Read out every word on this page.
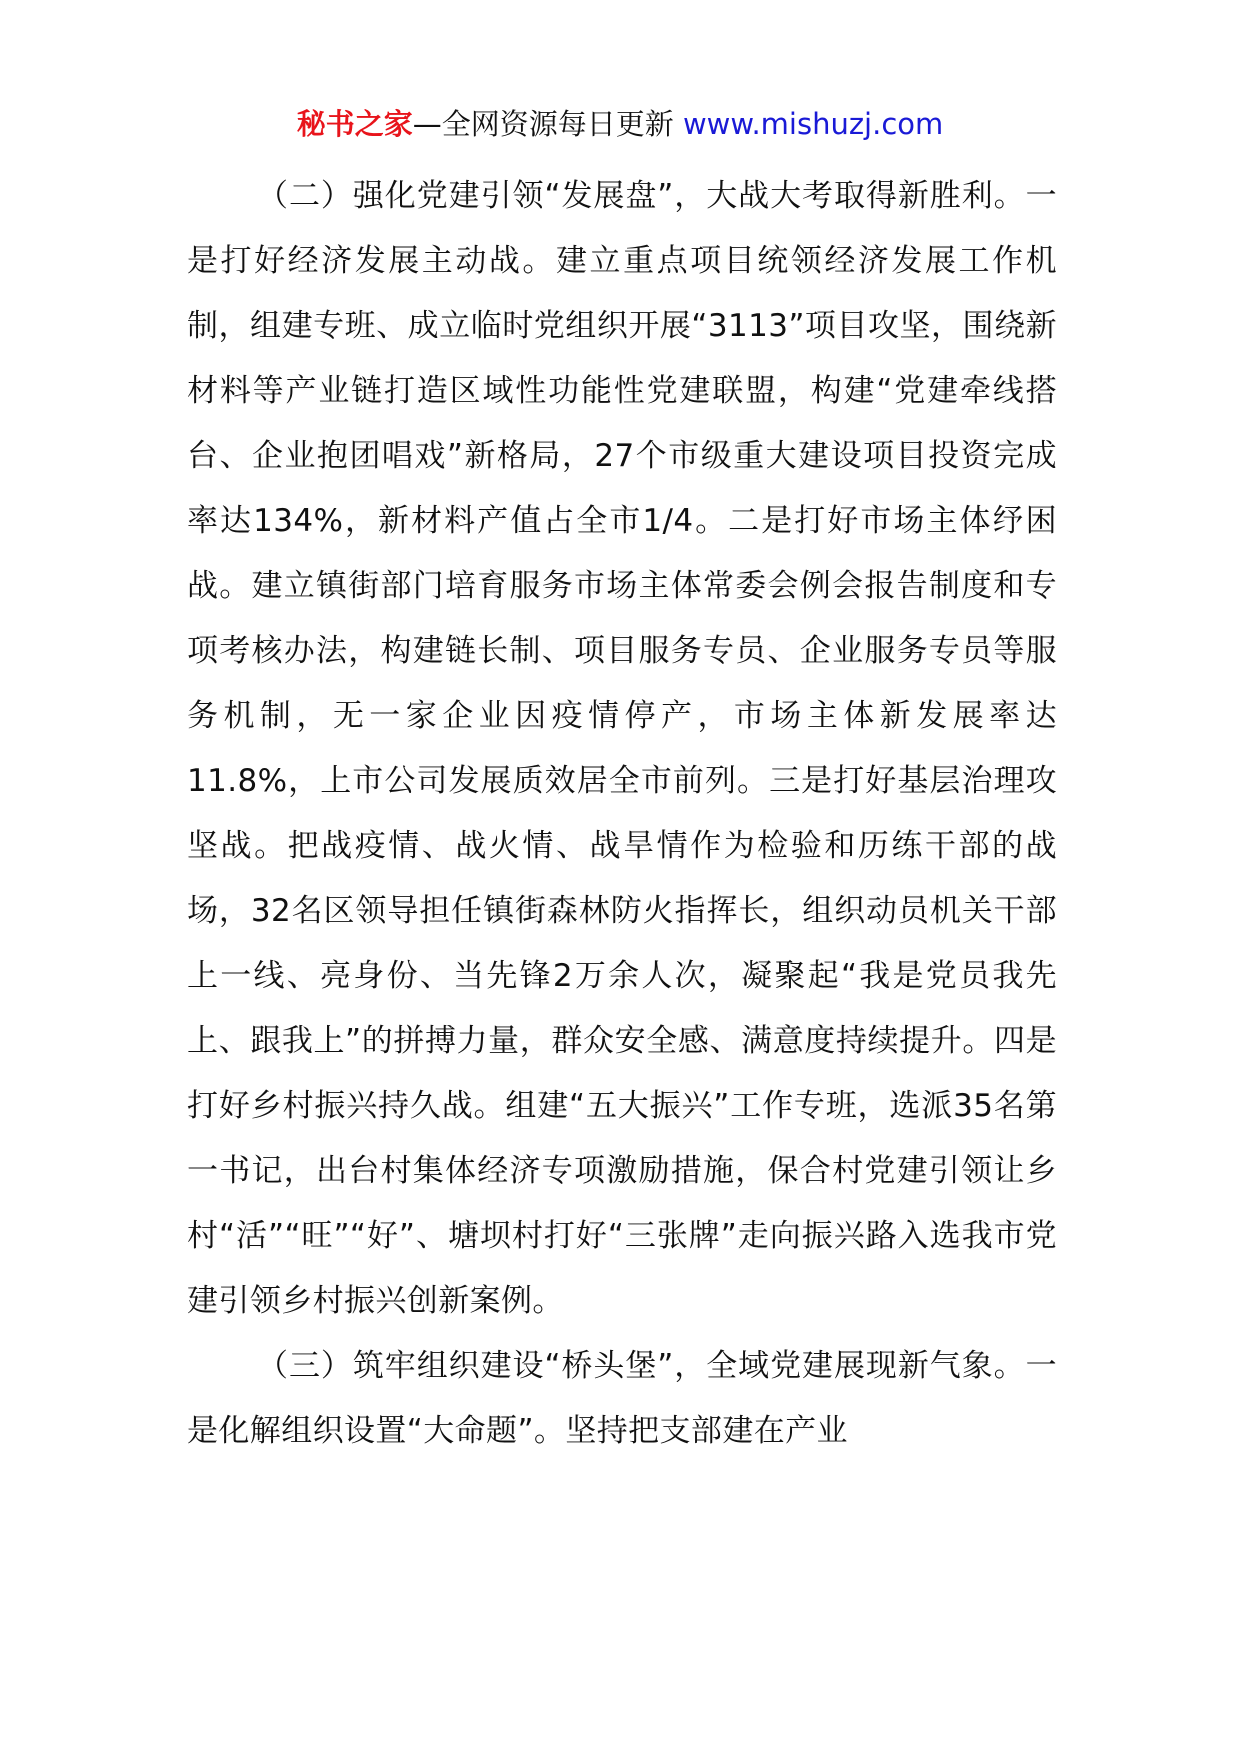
秘书之家—全网资源每日更新 www.mishuzj.com

（二）强化党建引领“发展盘”，大战大考取得新胜利。一是打好经济发展主动战。建立重点项目统领经济发展工作机制，组建专班、成立临时党组织开展“3113”项目攻坚，围绕新材料等产业链打造区域性功能性党建联盟，构建“党建牵线搭台、企业抱团唱戏”新格局，27个市级重大建设项目投资完成率达134%，新材料产值占全市1/4。二是打好市场主体纾困战。建立镇街部门培育服务市场主体常委会例会报告制度和专项考核办法，构建链长制、项目服务专员、企业服务专员等服务机制，无一家企业因疫情停产，市场主体新发展率达11.8%，上市公司发展质效居全市前列。三是打好基层治理攻坚战。把战疫情、战火情、战旱情作为检验和历练干部的战场，32名区领导担任镇街森林防火指挥长，组织动员机关干部上一线、亮身份、当先锋2万余人次，凝聚起“我是党员我先上、跟我上”的拼搏力量，群众安全感、满意度持续提升。四是打好乡村振兴持久战。组建“五大振兴”工作专班，选派35名第一书记，出台村集体经济专项激励措施，保合村党建引领让乡村“活”“旺”“好”、塘坝村打好“三张牌”走向振兴路入选我市党建引领乡村振兴创新案例。

（三）筑牢组织建设“桥头堡”，全域党建展现新气象。一是化解组织设置“大命题”。坚持把支部建在产业
